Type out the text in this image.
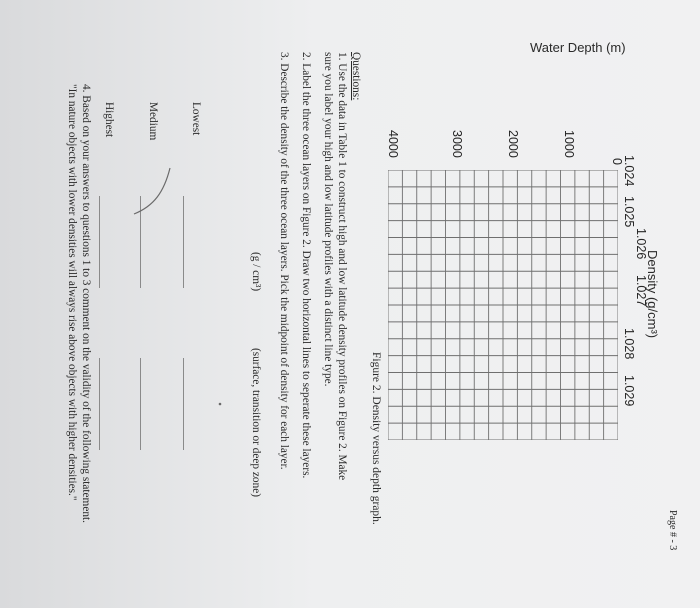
Page # - 3
Density (g/cm³)
1.024
1.025
1.026
1.027
1.028
1.029
Water Depth (m)
0
1000
2000
3000
4000
Figure 2. Density versus depth graph.
Questions:
1. Use the data in Table 1 to construct high and low latitude density profiles on Figure 2. Make
sure you label your high and low latitude profiles with a distinct line type.
2. Label the three ocean layers on Figure 2. Draw two horizontal lines to seperate these layers.
3. Describe the density of the three ocean layers. Pick the midpoint of density for each layer.
(g / cm³)
(surface, transition or deep zone)
Lowest
Medium
Highest
4. Based on your answers to questions 1 to 3 comment on the validity of the following statement.
"In nature objects with lower densities will always rise above objects with higher densities."
